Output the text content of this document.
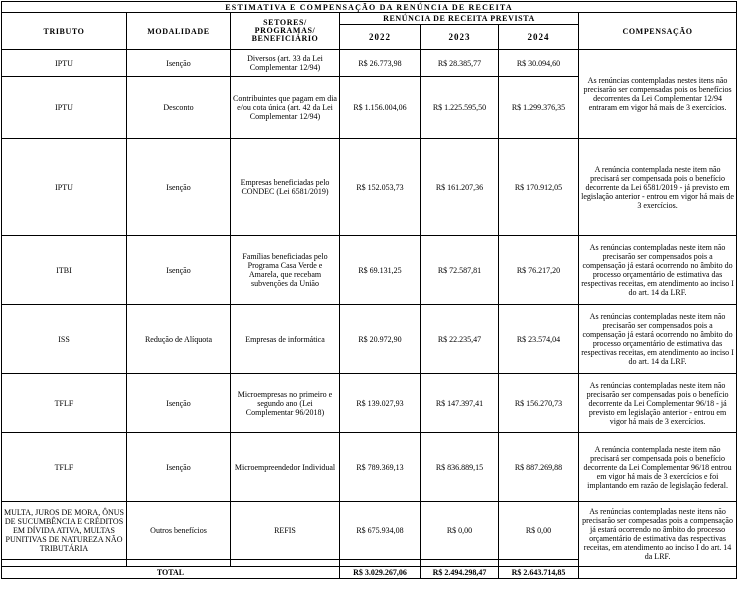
ESTIMATIVA E COMPENSAÇÃO DA RENÚNCIA DE RECEITA						
TRIBUTO	MODALIDADE	SETORES/ PROGRAMAS/ BENEFICIÁRIO	RENÚNCIA DE RECEITA PREVISTA			COMPENSAÇÃO
			2022	2023	2024	
IPTU	Isenção	Diversos (art. 33 da Lei Complementar 12/94)	R$ 26.773,98	R$ 28.385,77	R$ 30.094,60	As renúncias contempladas nestes itens não precisarão ser compensadas pois os benefícios decorrentes da Lei Complementar 12/94 entraram em vigor há mais de 3 exercícios.
IPTU	Desconto	Contribuintes que pagam em dia e/ou cota única (art. 42 da Lei Complementar 12/94)	R$ 1.156.004,06	R$ 1.225.595,50	R$ 1.299.376,35	
IPTU	Isenção	Empresas beneficiadas pelo CONDEC (Lei 6581/2019)	R$ 152.053,73	R$ 161.207,36	R$ 170.912,05	A renúncia contemplada neste item não precisará ser compensada pois o benefício decorrente da Lei 6581/2019 - já previsto em legislação anterior - entrou em vigor há mais de 3 exercícios.
ITBI	Isenção	Famílias beneficiadas pelo Programa Casa Verde e Amarela, que recebam subvenções da União	R$ 69.131,25	R$ 72.587,81	R$ 76.217,20	As renúncias contempladas neste item não precisarão ser compensados pois a compensação já estará ocorrendo no âmbito do processo orçamentário de estimativa das respectivas receitas, em atendimento ao inciso I do art. 14 da LRF.
ISS	Redução de Alíquota	Empresas de informática	R$ 20.972,90	R$ 22.235,47	R$ 23.574,04	As renúncias contempladas neste item não precisarão ser compensados pois a compensação já estará ocorrendo no âmbito do processo orçamentário de estimativa das respectivas receitas, em atendimento ao inciso I do art. 14 da LRF.
TFLF	Isenção	Microempresas no primeiro e segundo ano (Lei Complementar 96/2018)	R$ 139.027,93	R$ 147.397,41	R$ 156.270,73	As renúncias contempladas neste item não precisarão ser compensadas pois o benefício decorrente da Lei Complementar 96/18 - já previsto em legislação anterior - entrou em vigor há mais de 3 exercícios.
TFLF	Isenção	Microempreendedor Individual	R$ 789.369,13	R$ 836.889,15	R$ 887.269,88	A renúncia contemplada neste item não precisará ser compensada pois o benefício decorrente da Lei Complementar 96/18 entrou em vigor há mais de 3 exercícios e foi implantando em razão de legislação federal.
MULTA, JUROS DE MORA, ÔNUS DE SUCUMBÊNCIA E CRÉDITOS EM DÍVIDA ATIVA, MULTAS PUNITIVAS DE NATUREZA NÃO TRIBUTÁRIA	Outros benefícios	REFIS	R$ 675.934,08	R$ 0,00	R$ 0,00	As renúncias contempladas neste itens não precisarão ser compesadas pois a compensação já estará ocorrendo no âmbito do processo orçamentário de estimativa das respectivas receitas, em atendimento ao inciso I do art. 14 da LRF.

TOTAL			R$ 3.029.267,06	R$ 2.494.298,47	R$ 2.643.714,85	
